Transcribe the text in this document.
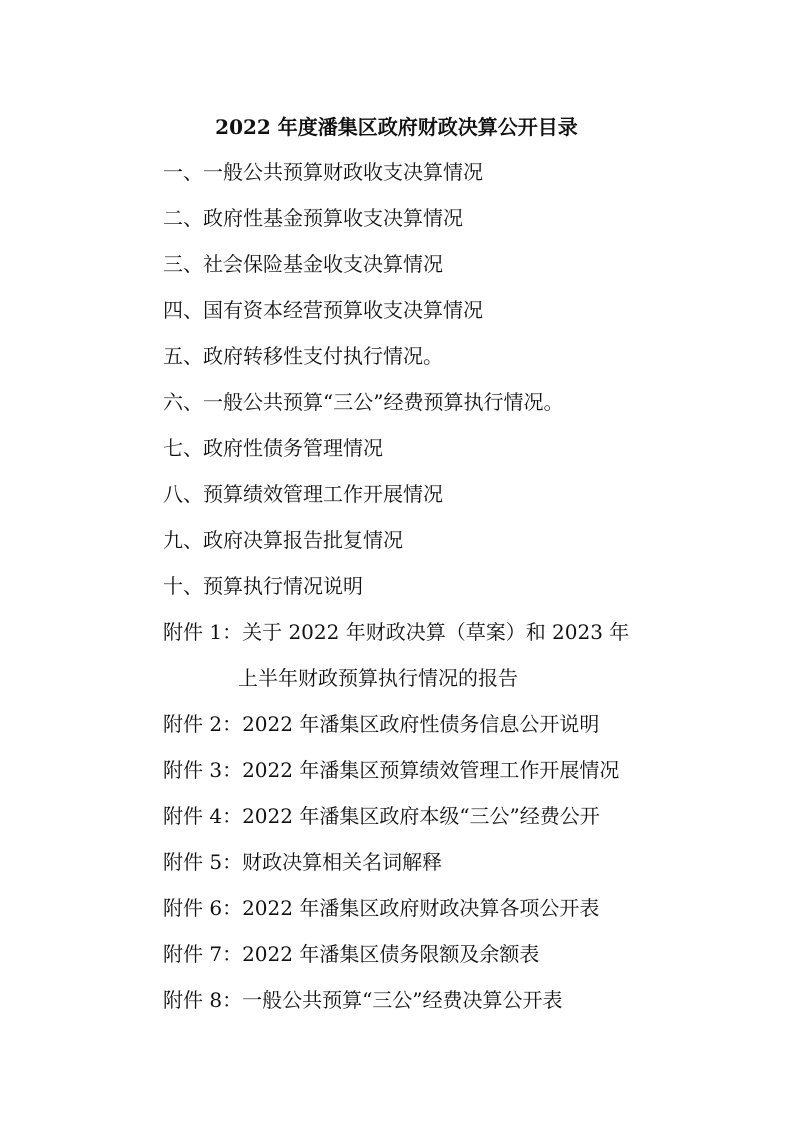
2022 年度潘集区政府财政决算公开目录
一、一般公共预算财政收支决算情况
二、政府性基金预算收支决算情况
三、社会保险基金收支决算情况
四、国有资本经营预算收支决算情况
五、政府转移性支付执行情况。
六、一般公共预算“三公”经费预算执行情况。
七、政府性债务管理情况
八、预算绩效管理工作开展情况
九、政府决算报告批复情况
十、预算执行情况说明
附件 1：关于 2022 年财政决算（草案）和 2023 年
上半年财政预算执行情况的报告
附件 2：2022 年潘集区政府性债务信息公开说明
附件 3：2022 年潘集区预算绩效管理工作开展情况
附件 4：2022 年潘集区政府本级“三公”经费公开
附件 5：财政决算相关名词解释
附件 6：2022 年潘集区政府财政决算各项公开表
附件 7：2022 年潘集区债务限额及余额表
附件 8：一般公共预算“三公”经费决算公开表
